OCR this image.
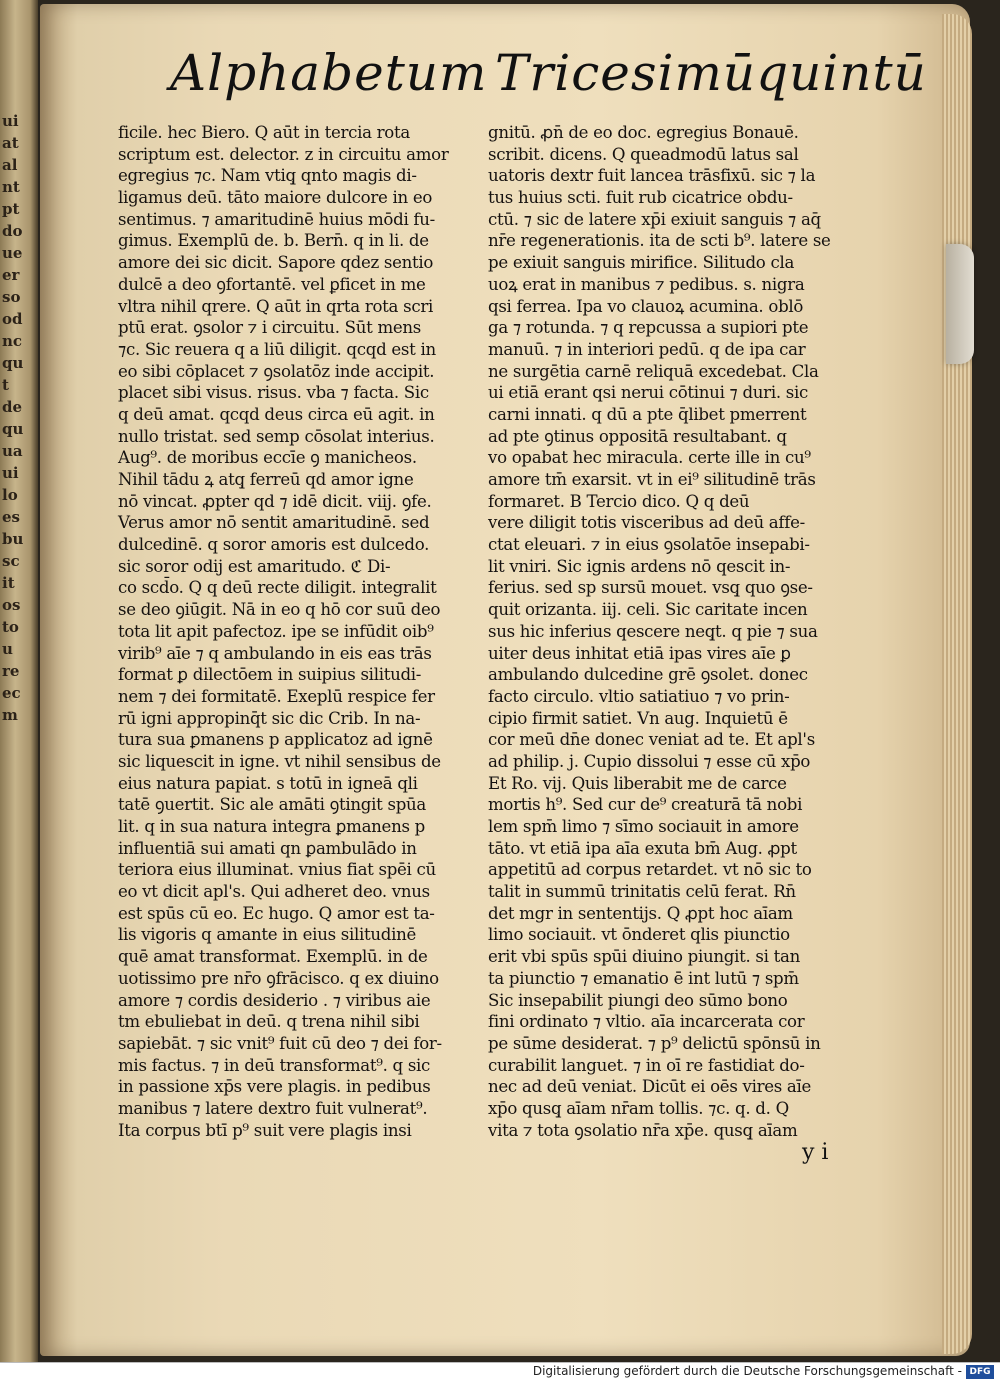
ui
at
al
nt
pt
do
ue
er
so
od
nc
qu
t
de
qu
ua
ui
lo
es
bu
sc
it
os
to
u
re
ec
m
Alphabetum Tricesimūquintū
ficile. hec Biero. Q aūt in tercia rota
scriptum est. delector. z in circuitu amor
egregius ⁊c. Nam vtiq̧ qnto magis di-
ligamus deū. tāto maiore dulcore in eo
sentimus. ⁊ amaritudinē huius mōdi fu-
gimus. Exemplū de. b. Bern̄. q in li. de
amore dei sic dicit. Sapore qdez sentio
dulcē a deo ꝯfortantē. vel ꝑficet in me
vltra nihil qrere. Q aūt in qrta rota scri
ptū erat. ꝯsolor ⁊ i circuitu. Sūt mens
⁊c. Sic reuera q a liū diligit. qcqd est in
eo sibi cōplacet ⁊ ꝯsolatōz inde accipit.
placet sibi visus. risus. vba ⁊ facta. Sic
q deū amat. qcqd deus circa eū agit. in
nullo tristat. sed semp cōsolat interius.
Aug⁹. de moribus eccīe ꝯ manicheos.
Nihil tādu ꝝ atq̧ ferreū qd amor igne
nō vincat. ꝓpter qd ⁊ idē dicit. viij. ꝯfe.
Verus amor nō sentit amaritudinē. sed
dulcedinē. q soror amoris est dulcedo.
sic soror odij est amaritudo. ℭ Di-
co scd̄o. Q q deū recte diligit. integralit
se deo ꝯiūgit. Nā in eo q hō cor suū deo
tota lit apit pafectoz. ipe se infūdit oib⁹
virib⁹ aīe ⁊ q ambulando in eis eas trās
format ꝑ dilectōem in suipius silitudi-
nem ⁊ dei formitatē. Exeplū respice fer
rū igni appropinq̄t sic dic Crib. In na-
tura sua ꝑmanens p applicatoz ad ignē
sic liquescit in igne. vt nihil sensibus de
eius natura papiat. s totū in igneā qli
tatē ꝯuertit. Sic ale amāti ꝯtingit spūa
lit. q in sua natura integra ꝑmanens p
influentiā sui amati qn ꝑambulādo in
teriora eius illuminat. vnius fiat spēi cū
eo vt dicit apl's. Qui adheret deo. vnus
est spūs cū eo. Ec hugo. Q amor est ta-
lis vigoris q amante in eius silitudinē
quē amat transformat. Exemplū. in de
uotissimo pre nr̄o ꝯfrācisco. q ex diuino
amore ⁊ cordis desiderio . ⁊ viribus aie
tm ebuliebat in deū. q trena nihil sibi
sapiebāt. ⁊ sic vnit⁹ fuit cū deo ⁊ dei for-
mis factus. ⁊ in deū transformat⁹. q sic
in passione xp̄s vere plagis. in pedibus
manibus ⁊ latere dextro fuit vulnerat⁹.
Ita corpus btī p⁹ suit vere plagis insi
gnitū. ꝓn̄ de eo doc. egregius Bonauē.
scribit. dicens. Q queadmodū latus sal
uatoris dextr fuit lancea trāsfixū. sic ⁊ la
tus huius scti. fuit rub cicatrice obdu-
ctū. ⁊ sic de latere xp̄i exiuit sanguis ⁊ aq̄
nr̄e regenerationis. ita de scti b⁹. latere se
pe exiuit sanguis mirifice. Silitudo cla
uoꝝ erat in manibus ⁊ pedibus. s. nigra
qsi ferrea. Ipa vo clauoꝝ acumina. oblō
ga ⁊ rotunda. ⁊ q repcussa a supiori pte
manuū. ⁊ in interiori pedū. q de ipa car
ne surgētia carnē reliquā excedebat. Cla
ui etiā erant qsi nerui cōtinui ⁊ duri. sic
carni innati. q dū a pte q̄libet pmerrent
ad pte ꝯtinus oppositā resultabant. q
vo opabat hec miracula. certe ille in cu⁹
amore tm̄ exarsit. vt in ei⁹ silitudinē trās
formaret. B Tercio dico. Q q deū
vere diligit totis visceribus ad deū affe-
ctat eleuari. ⁊ in eius ꝯsolatōe insepabi-
lit vniri. Sic ignis ardens nō qescit in-
ferius. sed sp sursū mouet. vsq̧ quo ꝯse-
quit orizanta. iij. celi. Sic caritate incen
sus hic inferius qescere neq̧t. q pie ⁊ sua
uiter deus inhitat etiā ipas vires aīe ꝑ
ambulando dulcedine grē ꝯsolet. donec
facto circulo. vltio satiatiuo ⁊ vo prin-
cipio firmit satiet. Vn aug. Inquietū ē
cor meū dn̄e donec veniat ad te. Et apl's
ad philip. j. Cupio dissolui ⁊ esse cū xp̄o
Et Ro. vij. Quis liberabit me de carce
mortis h⁹. Sed cur de⁹ creaturā tā nobi
lem spm̄ limo ⁊ sīmo sociauit in amore
tāto. vt etiā ipa aīa exuta bm̄ Aug. ꝓpt
appetitū ad corpus retardet. vt nō sic to
talit in summū trinitatis celū ferat. Rn̄
det mgr in sententijs. Q ꝓpt hoc aīam
limo sociauit. vt ōnderet qlis piunctio
erit vbi spūs spūi diuino piungit. si tan
ta piunctio ⁊ emanatio ē int lutū ⁊ spm̄
Sic insepabilit piungi deo sūmo bono
fini ordinato ⁊ vltio. aīa incarcerata cor
pe sūme desiderat. ⁊ p⁹ delictū spōnsū in
curabilit languet. ⁊ in oī re fastidiat do-
nec ad deū veniat. Dicūt ei oēs vires aīe
xp̄o qusq̧ aīam nr̄am tollis. ⁊c. q. d. Q
vita ⁊ tota ꝯsolatio nr̄a xp̄e. qusq̧ aīam
y i
Digitalisierung gefördert durch die Deutsche Forschungsgemeinschaft - DFG
